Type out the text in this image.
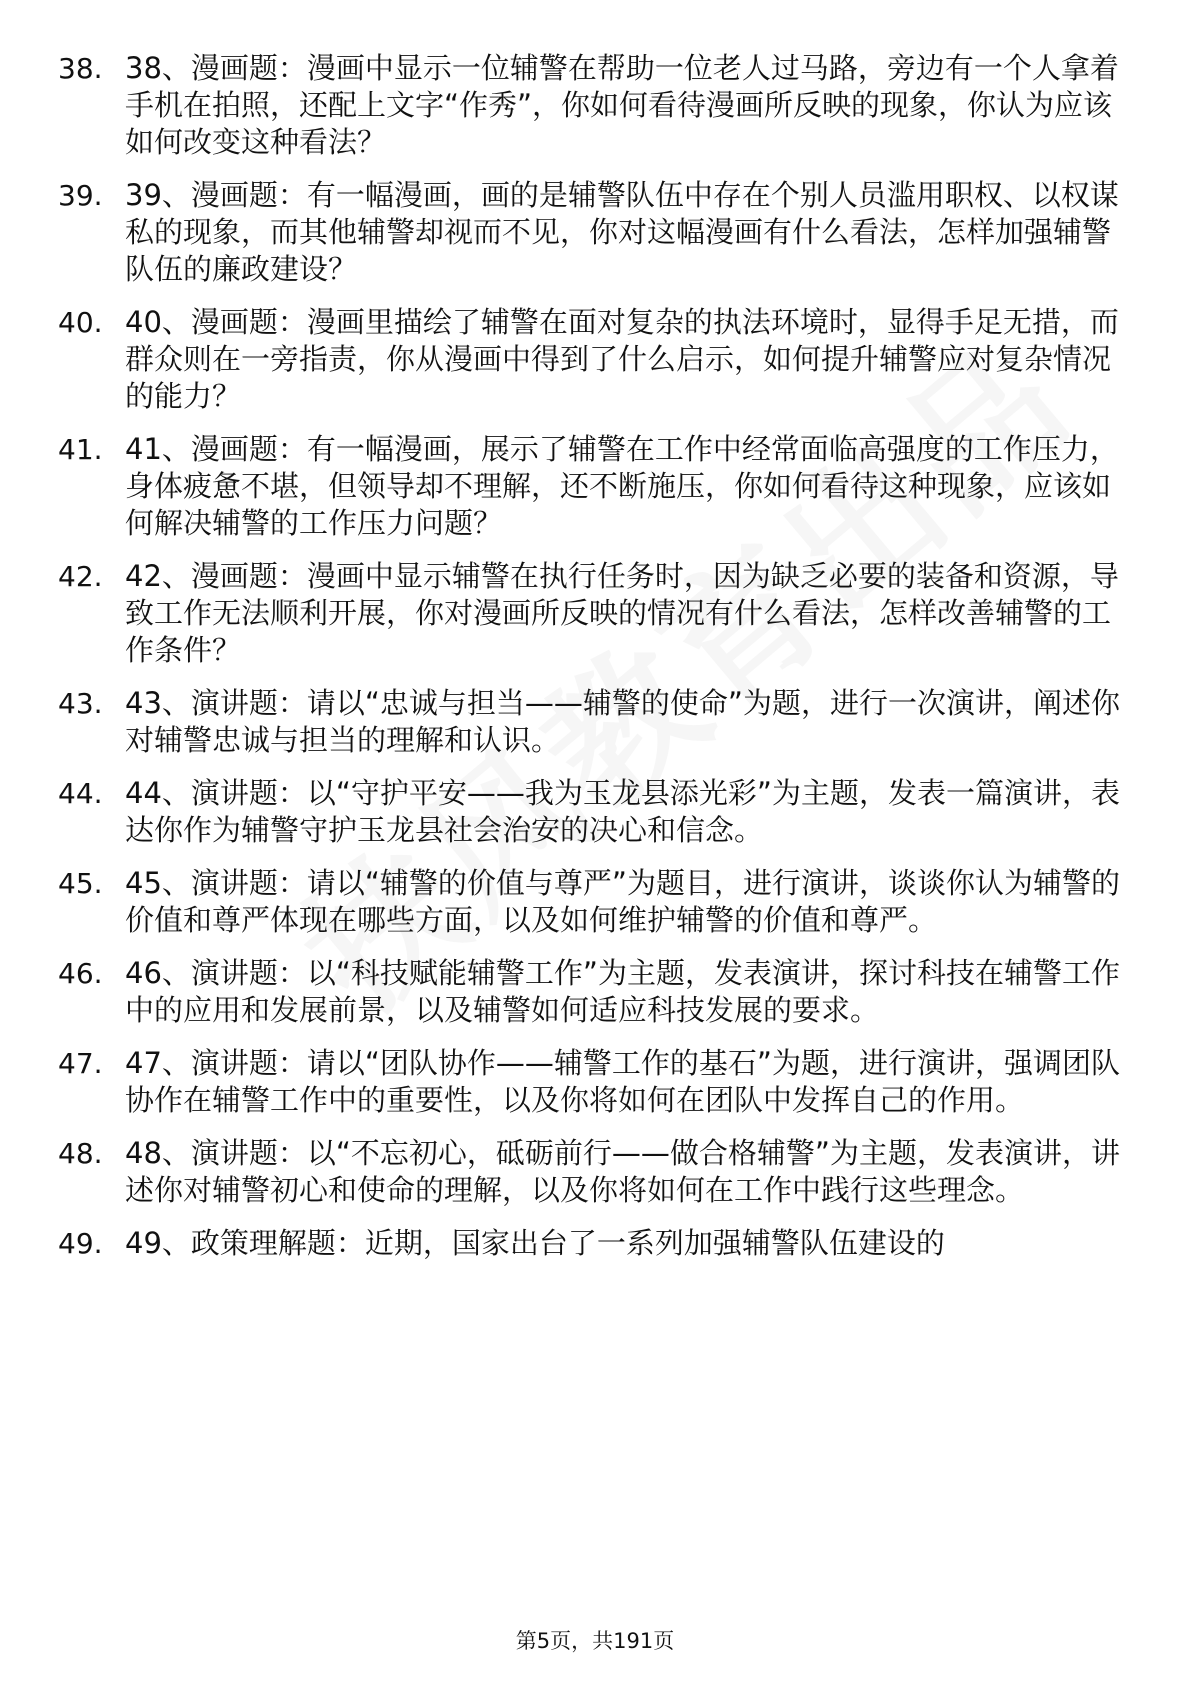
38. 38、漫画题：漫画中显示一位辅警在帮助一位老人过马路，旁边有一个人拿着手机在拍照，还配上文字“作秀”，你如何看待漫画所反映的现象，你认为应该如何改变这种看法？
39. 39、漫画题：有一幅漫画，画的是辅警队伍中存在个别人员滥用职权、以权谋私的现象，而其他辅警却视而不见，你对这幅漫画有什么看法，怎样加强辅警队伍的廉政建设？
40. 40、漫画题：漫画里描绘了辅警在面对复杂的执法环境时，显得手足无措，而群众则在一旁指责，你从漫画中得到了什么启示，如何提升辅警应对复杂情况的能力？
41. 41、漫画题：有一幅漫画，展示了辅警在工作中经常面临高强度的工作压力，身体疲惫不堪，但领导却不理解，还不断施压，你如何看待这种现象，应该如何解决辅警的工作压力问题？
42. 42、漫画题：漫画中显示辅警在执行任务时，因为缺乏必要的装备和资源，导致工作无法顺利开展，你对漫画所反映的情况有什么看法，怎样改善辅警的工作条件？
43. 43、演讲题：请以“忠诚与担当——辅警的使命”为题，进行一次演讲，阐述你对辅警忠诚与担当的理解和认识。
44. 44、演讲题：以“守护平安——我为玉龙县添光彩”为主题，发表一篇演讲，表达你作为辅警守护玉龙县社会治安的决心和信念。
45. 45、演讲题：请以“辅警的价值与尊严”为题目，进行演讲，谈谈你认为辅警的价值和尊严体现在哪些方面，以及如何维护辅警的价值和尊严。
46. 46、演讲题：以“科技赋能辅警工作”为主题，发表演讲，探讨科技在辅警工作中的应用和发展前景，以及辅警如何适应科技发展的要求。
47. 47、演讲题：请以“团队协作——辅警工作的基石”为题，进行演讲，强调团队协作在辅警工作中的重要性，以及你将如何在团队中发挥自己的作用。
48. 48、演讲题：以“不忘初心，砥砺前行——做合格辅警”为主题，发表演讲，讲述你对辅警初心和使命的理解，以及你将如何在工作中践行这些理念。
49. 49、政策理解题：近期，国家出台了一系列加强辅警队伍建设的
第5页，共191页
